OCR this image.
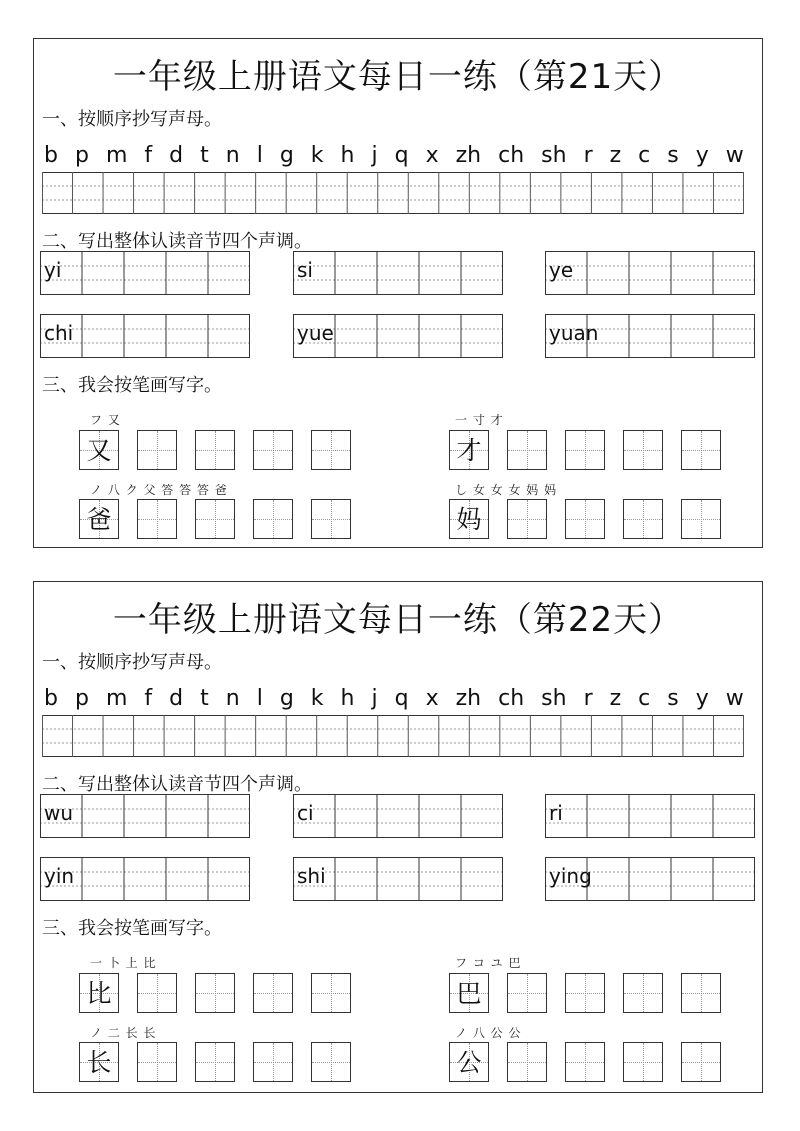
一年级上册语文每日一练（第21天）
一、按顺序抄写声母。
b p m f d t n l g k h j q x zh ch sh r z c s y w
二、写出整体认读音节四个声调。
yi	si	ye
chi	yue	yuan
三、我会按笔画写字。
フ 又
又
一 寸 才
才
ノ 八 ク 父 答 答 答 爸
爸
し 女 女 女 妈 妈
妈
一年级上册语文每日一练（第22天）
一、按顺序抄写声母。
b p m f d t n l g k h j q x zh ch sh r z c s y w
二、写出整体认读音节四个声调。
wu	ci	ri
yin	shi	ying
三、我会按笔画写字。
一 卜 上 比
比
フ コ ユ 巴
巴
ノ 二 长 长
长
ノ 八 公 公
公
